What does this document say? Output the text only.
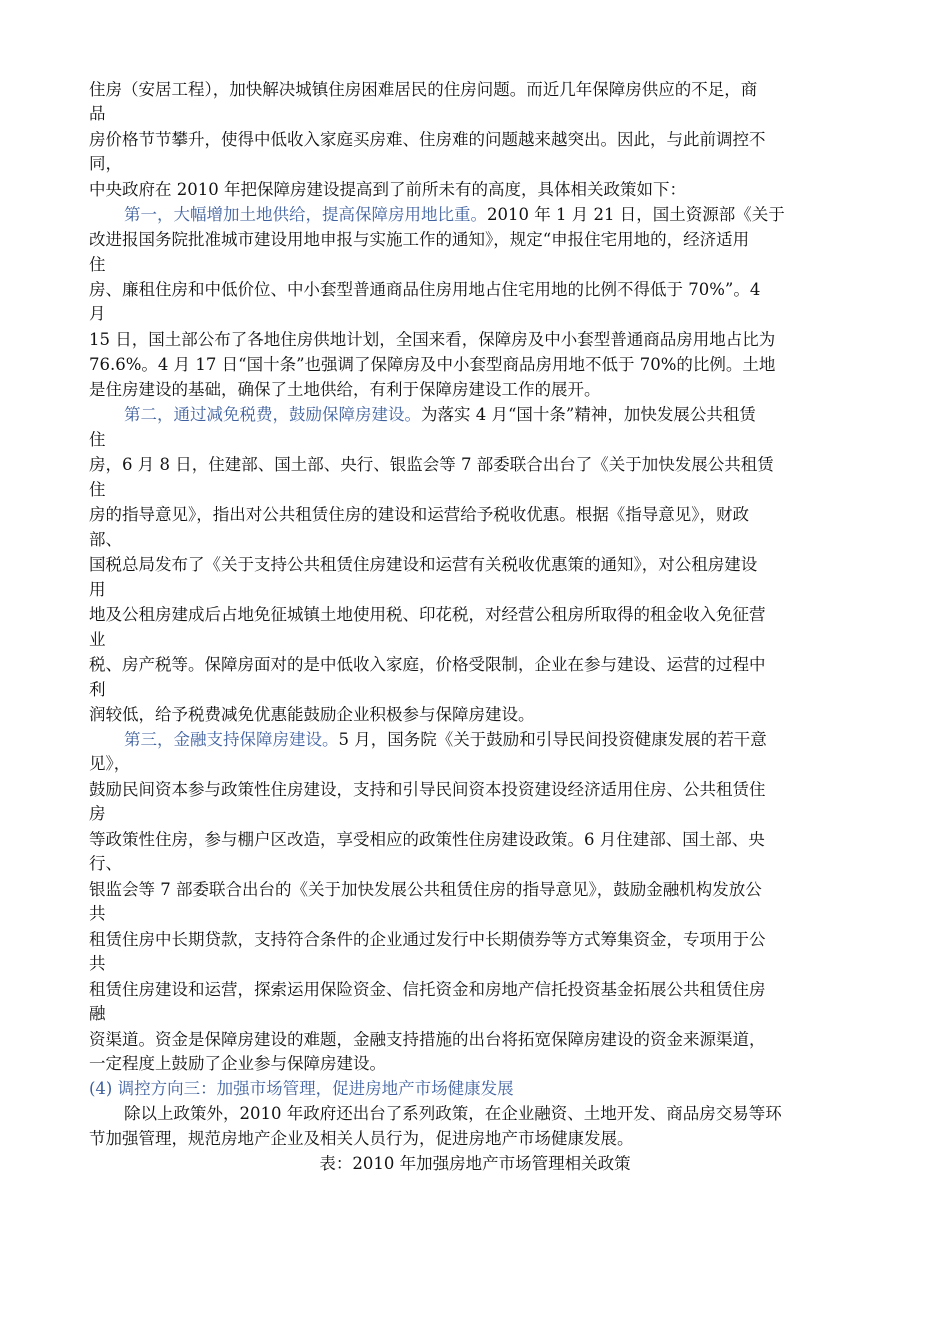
住房（安居工程），加快解决城镇住房困难居民的住房问题。而近几年保障房供应的不足，商
品
房价格节节攀升，使得中低收入家庭买房难、住房难的问题越来越突出。因此，与此前调控不
同，
中央政府在 2010 年把保障房建设提高到了前所未有的高度，具体相关政策如下：
第一，大幅增加土地供给，提高保障房用地比重。2010 年 1 月 21 日，国土资源部《关于
改进报国务院批准城市建设用地申报与实施工作的通知》，规定“申报住宅用地的，经济适用
住
房、廉租住房和中低价位、中小套型普通商品住房用地占住宅用地的比例不得低于 70%”。4
月
15 日，国土部公布了各地住房供地计划，全国来看，保障房及中小套型普通商品房用地占比为
76.6%。4 月 17 日“国十条”也强调了保障房及中小套型商品房用地不低于 70%的比例。土地
是住房建设的基础，确保了土地供给，有利于保障房建设工作的展开。
第二，通过减免税费，鼓励保障房建设。为落实 4 月“国十条”精神，加快发展公共租赁
住
房，6 月 8 日，住建部、国土部、央行、银监会等 7 部委联合出台了《关于加快发展公共租赁
住
房的指导意见》，指出对公共租赁住房的建设和运营给予税收优惠。根据《指导意见》，财政
部、
国税总局发布了《关于支持公共租赁住房建设和运营有关税收优惠策的通知》，对公租房建设
用
地及公租房建成后占地免征城镇土地使用税、印花税，对经营公租房所取得的租金收入免征营
业
税、房产税等。保障房面对的是中低收入家庭，价格受限制，企业在参与建设、运营的过程中
利
润较低，给予税费减免优惠能鼓励企业积极参与保障房建设。
第三，金融支持保障房建设。5 月，国务院《关于鼓励和引导民间投资健康发展的若干意
见》，
鼓励民间资本参与政策性住房建设，支持和引导民间资本投资建设经济适用住房、公共租赁住
房
等政策性住房，参与棚户区改造，享受相应的政策性住房建设政策。6 月住建部、国土部、央
行、
银监会等 7 部委联合出台的《关于加快发展公共租赁住房的指导意见》，鼓励金融机构发放公
共
租赁住房中长期贷款，支持符合条件的企业通过发行中长期债券等方式筹集资金，专项用于公
共
租赁住房建设和运营，探索运用保险资金、信托资金和房地产信托投资基金拓展公共租赁住房
融
资渠道。资金是保障房建设的难题，金融支持措施的出台将拓宽保障房建设的资金来源渠道，
一定程度上鼓励了企业参与保障房建设。
(4) 调控方向三：加强市场管理，促进房地产市场健康发展
除以上政策外，2010 年政府还出台了系列政策，在企业融资、土地开发、商品房交易等环
节加强管理，规范房地产企业及相关人员行为，促进房地产市场健康发展。
表：2010 年加强房地产市场管理相关政策
